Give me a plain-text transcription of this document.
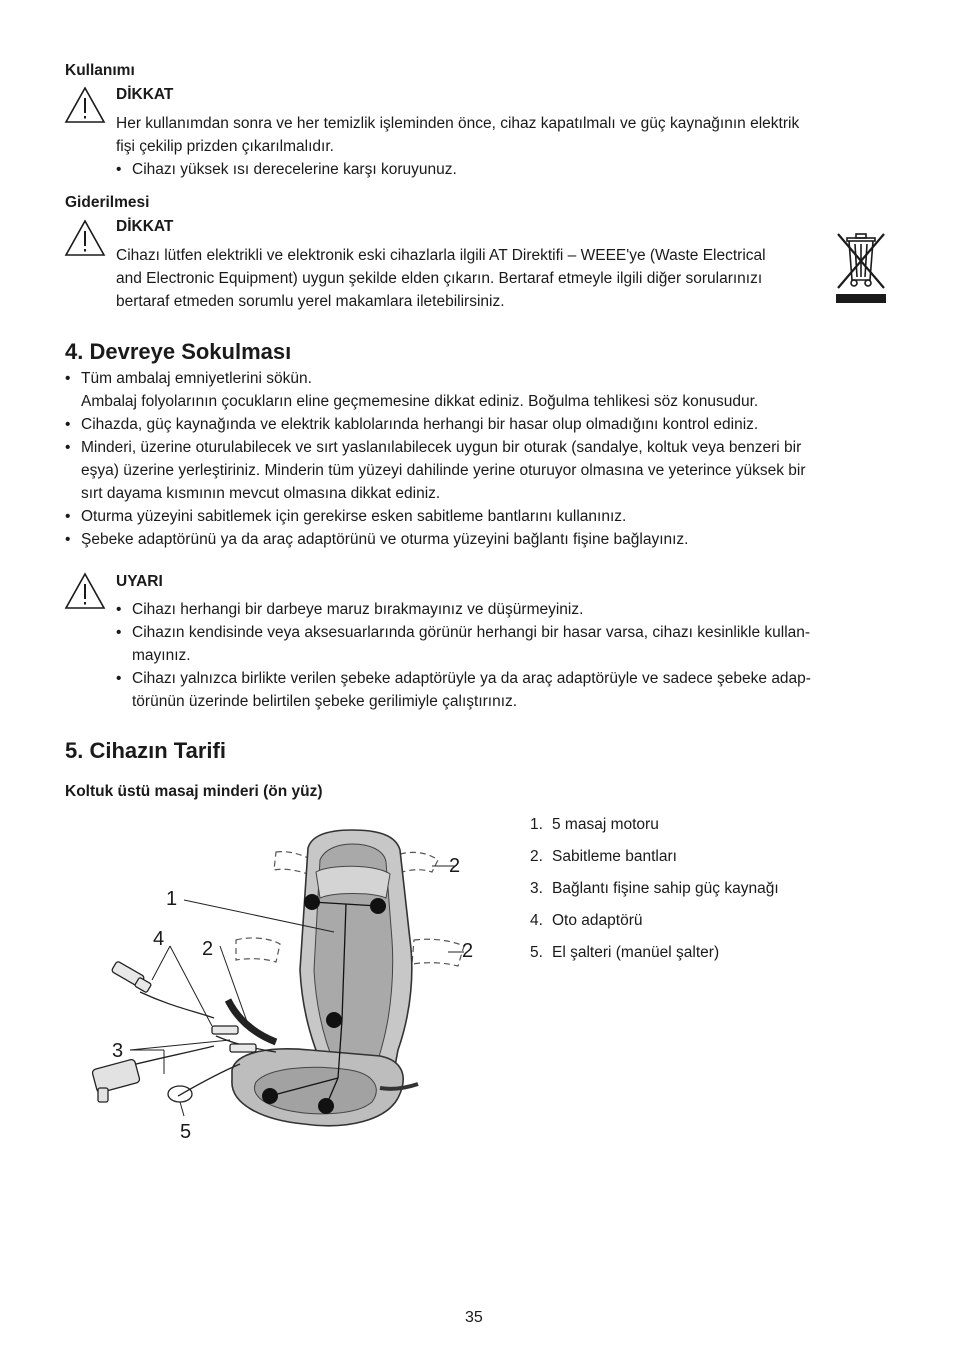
Kullanımı
DİKKAT
Her kullanımdan sonra ve her temizlik işleminden önce, cihaz kapatılmalı ve güç kaynağının elektrik
fişi çekilip prizden çıkarılmalıdır.
• Cihazı yüksek ısı derecelerine karşı koruyunuz.
Giderilmesi
DİKKAT
Cihazı lütfen elektrikli ve elektronik eski cihazlarla ilgili AT Direktifi – WEEE'ye (Waste Electrical
and Electronic Equipment) uygun şekilde elden çıkarın. Bertaraf etmeyle ilgili diğer sorularınızı
bertaraf etmeden sorumlu yerel makamlara iletebilirsiniz.
4. Devreye Sokulması
• Tüm ambalaj emniyetlerini sökün.
Ambalaj folyolarının çocukların eline geçmemesine dikkat ediniz. Boğulma tehlikesi söz konusudur.
• Cihazda, güç kaynağında ve elektrik kablolarında herhangi bir hasar olup olmadığını kontrol ediniz.
• Minderi, üzerine oturulabilecek ve sırt yaslanılabilecek uygun bir oturak (sandalye, koltuk veya benzeri bir
eşya) üzerine yerleştiriniz. Minderin tüm yüzeyi dahilinde yerine oturuyor olmasına ve yeterince yüksek bir
sırt dayama kısmının mevcut olmasına dikkat ediniz.
• Oturma yüzeyini sabitlemek için gerekirse esken sabitleme bantlarını kullanınız.
• Şebeke adaptörünü ya da araç adaptörünü ve oturma yüzeyini bağlantı fişine bağlayınız.
UYARI
• Cihazı herhangi bir darbeye maruz bırakmayınız ve düşürmeyiniz.
• Cihazın kendisinde veya aksesuarlarında görünür herhangi bir hasar varsa, cihazı kesinlikle kullan-
mayınız.
• Cihazı yalnızca birlikte verilen şebeke adaptörüyle ya da araç adaptörüyle ve sadece şebeke adap-
törünün üzerinde belirtilen şebeke gerilimiyle çalıştırınız.
5. Cihazın Tarifi
Koltuk üstü masaj minderi (ön yüz)
1. 5 masaj motoru
2. Sabitleme bantları
3. Bağlantı fişine sahip güç kaynağı
4. Oto adaptörü
5. El şalteri (manüel şalter)
1
4 2
2
2
3
5
35
